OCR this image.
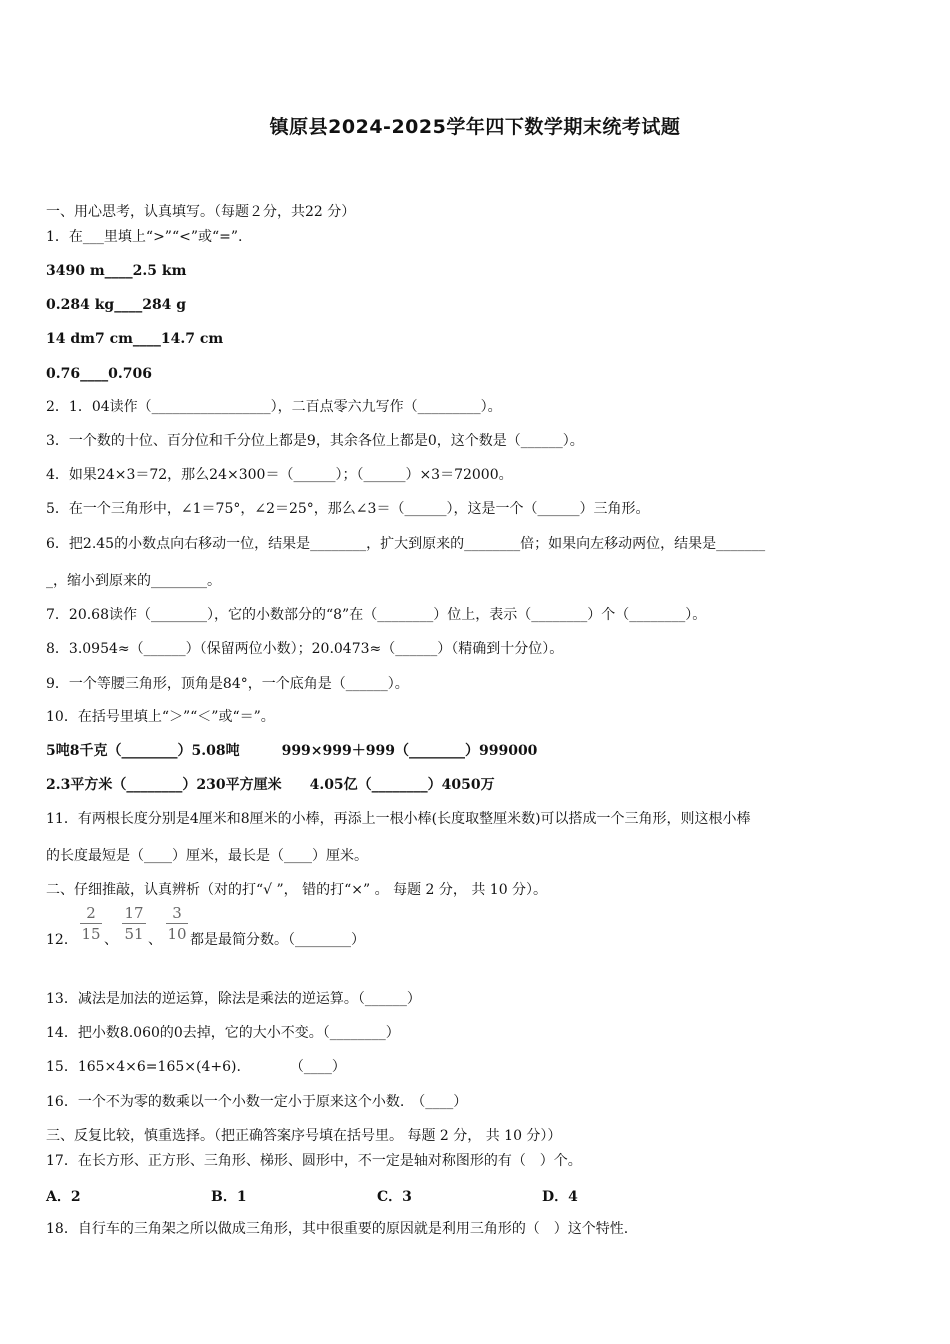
镇原县2024-2025学年四下数学期末统考试题
一、用心思考，认真填写。（每题２分，共22 分）
1．在___里填上“>”“<”或“=”.
3490 m____2.5 km
0.284 kg____284 g
14 dm7 cm____14.7 cm
0.76____0.706
2．1．04读作（_________________），二百点零六九写作（_________）。
3．一个数的十位、百分位和千分位上都是9，其余各位上都是0，这个数是（______）。
4．如果24×3＝72，那么24×300＝（______）；（______）×3＝72000。
5．在一个三角形中，∠1＝75°，∠2＝25°，那么∠3＝（______），这是一个（______）三角形。
6．把2.45的小数点向右移动一位，结果是________，扩大到原来的________倍；如果向左移动两位，结果是_______
_，缩小到原来的________。
7．20.68读作（________），它的小数部分的“8”在（________）位上，表示（________）个（________）。
8．3.0954≈（______）（保留两位小数）；20.0473≈（______）（精确到十分位）。
9．一个等腰三角形，顶角是84°，一个底角是（______）。
10．在括号里填上“＞”“＜”或“＝”。
5吨8千克（________）5.08吨　　　999×999＋999（________）999000
2.3平方米（________）230平方厘米　　4.05亿（________）4050万
11．有两根长度分别是4厘米和8厘米的小棒，再添上一根小棒(长度取整厘米数)可以搭成一个三角形，则这根小棒
的长度最短是（____）厘米，最长是（____）厘米。
二、仔细推敲，认真辨析（对的打“√ ”， 错的打“×” 。 每题 2 分， 共 10 分）。
12．
2
15 、
17
51 、
3
10 都是最简分数。（________）
13．减法是加法的逆运算，除法是乘法的逆运算。（______）
14．把小数8.060的0去掉，它的大小不变。（________）
15．165×4×6=165×(4+6).　　　　（____）
16．一个不为零的数乘以一个小数一定小于原来这个小数.　（____）
三、反复比较，慎重选择。（把正确答案序号填在括号里。 每题 2 分， 共 10 分））
17．在长方形、正方形、三角形、梯形、圆形中，不一定是轴对称图形的有（　）个。
A．2	B．1	C．3	D．4
18．自行车的三角架之所以做成三角形，其中很重要的原因就是利用三角形的（　）这个特性.
